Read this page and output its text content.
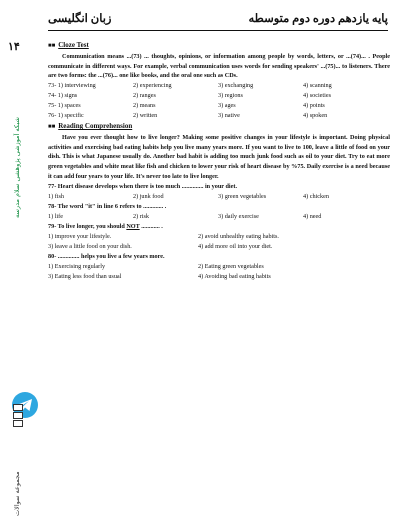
زبان انگلیسی	پایه یازدهم دوره دوم متوسطه
۱۴
شبکه آموزشی پژوهشی سلام مدرسه
مجموعه سوالات

■■ Cloze Test

Communication means ...(73) ... thoughts, opinions, or information among people by words, letters, or ...(74)... . People communicate in different ways. For example, verbal communication uses words for sending speakers' ...(75)... to listeners. There are two forms: the ...(76)... one like books, and the oral one such as CDs.

73- 1) interviewing	2) experiencing	3) exchanging	4) scanning
74- 1) signs	2) ranges	3) regions	4) societies
75- 1) spaces	2) means	3) ages	4) points
76- 1) specific	2) written	3) native	4) spoken

■■ Reading Comprehension

Have you ever thought how to live longer? Making some positive changes in your lifestyle is important. Doing physical activities and exercising bad eating habits help you live many years more. If you want to live to 100, leave a little of food on your dish. This is what Japanese usually do. Another bad habit is adding too much junk food such as oil to your diet. Try to eat more green vegetables and white meat like fish and chicken to lower your risk of heart disease by %75. Daily exercise is a need because it can add four years to your life. It's never too late to live longer.

77- Heart disease develops when there is too much .............. in your diet.

1) fish	2) junk food	3) green vegetables	4) chicken

78- The word "it" in line 6 refers to ............. .

1) life	2) risk	3) daily exercise	4) need

79- To live longer, you should NOT ............ .

1) improve your lifestyle.	2) avoid unhealthy eating habits.
3) leave a little food on your dish.	4) add more oil into your diet.

80- .............. helps you live a few years more.

1) Exercising regularly	2) Eating green vegetables
3) Eating less food than usual	4) Avoiding bad eating habits
